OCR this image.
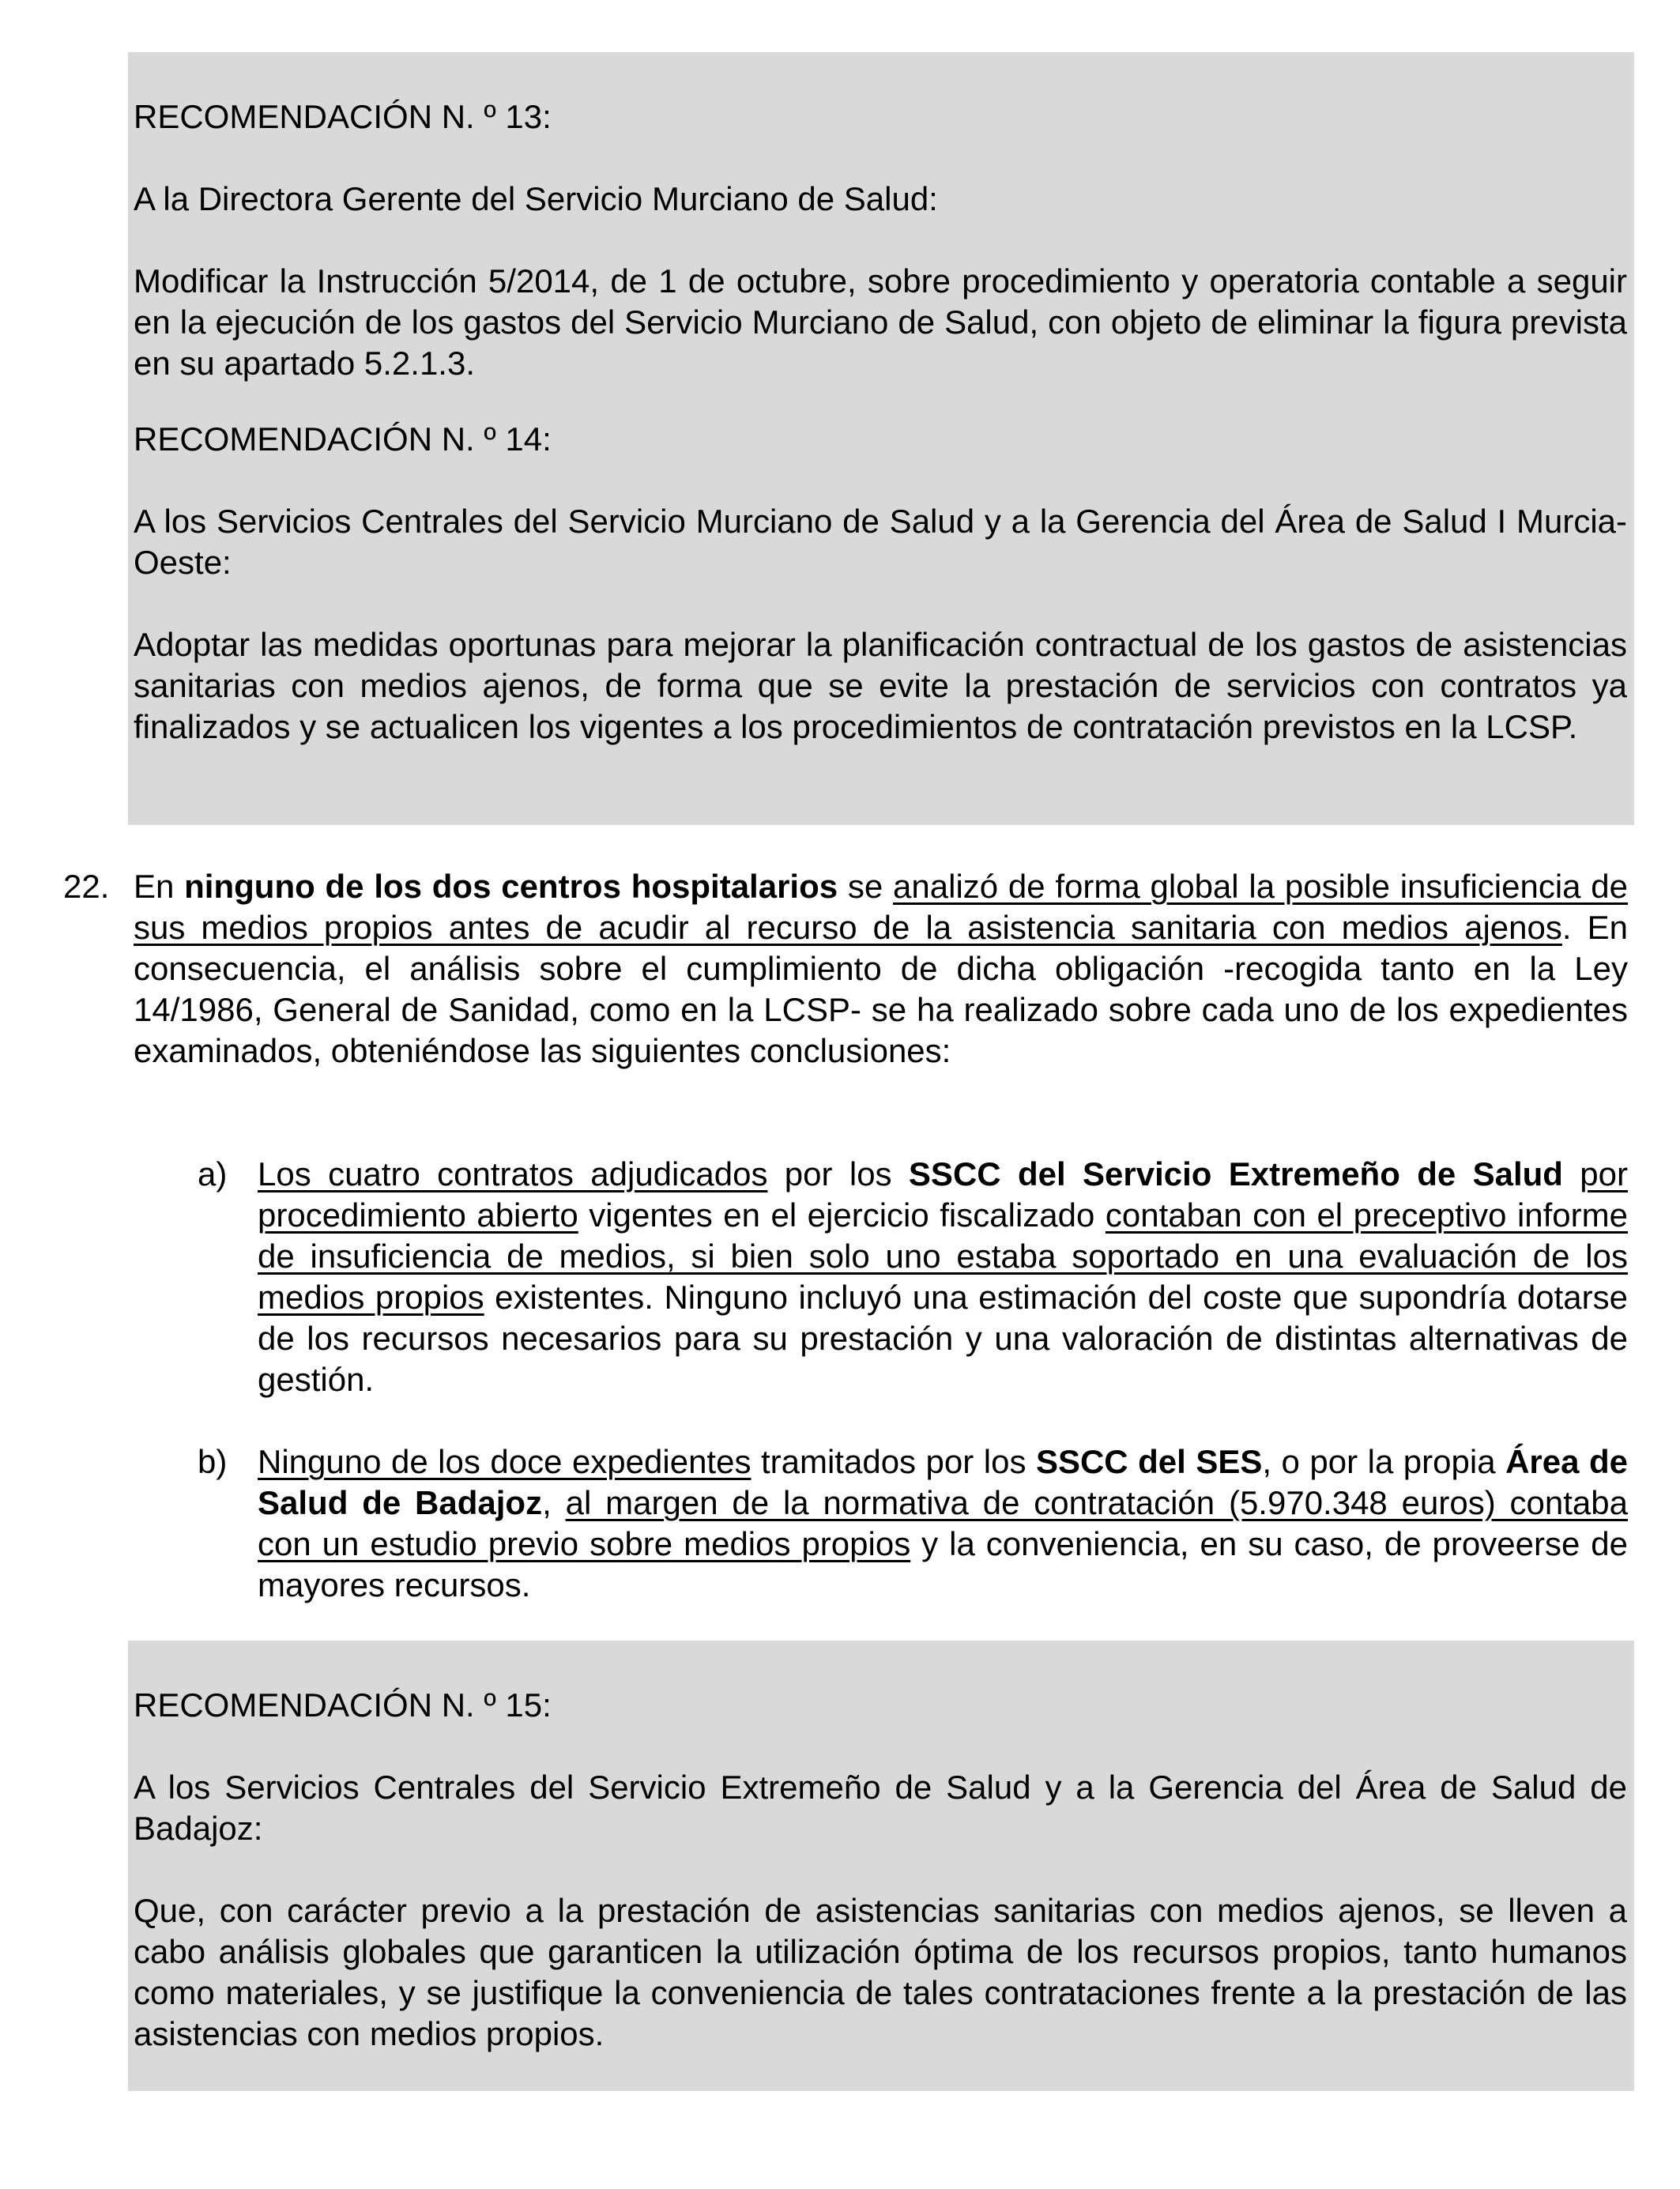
RECOMENDACIÓN N. º 13:

A la Directora Gerente del Servicio Murciano de Salud:

Modificar la Instrucción 5/2014, de 1 de octubre, sobre procedimiento y operatoria contable a seguir en la ejecución de los gastos del Servicio Murciano de Salud, con objeto de eliminar la figura prevista en su apartado 5.2.1.3.

RECOMENDACIÓN N. º 14:

A los Servicios Centrales del Servicio Murciano de Salud y a la Gerencia del Área de Salud I Murcia-Oeste:

Adoptar las medidas oportunas para mejorar la planificación contractual de los gastos de asistencias sanitarias con medios ajenos, de forma que se evite la prestación de servicios con contratos ya finalizados y se actualicen los vigentes a los procedimientos de contratación previstos en la LCSP.

22. En ninguno de los dos centros hospitalarios se analizó de forma global la posible insuficiencia de sus medios propios antes de acudir al recurso de la asistencia sanitaria con medios ajenos. En consecuencia, el análisis sobre el cumplimiento de dicha obligación -recogida tanto en la Ley 14/1986, General de Sanidad, como en la LCSP- se ha realizado sobre cada uno de los expedientes examinados, obteniéndose las siguientes conclusiones:

a) Los cuatro contratos adjudicados por los SSCC del Servicio Extremeño de Salud por procedimiento abierto vigentes en el ejercicio fiscalizado contaban con el preceptivo informe de insuficiencia de medios, si bien solo uno estaba soportado en una evaluación de los medios propios existentes. Ninguno incluyó una estimación del coste que supondría dotarse de los recursos necesarios para su prestación y una valoración de distintas alternativas de gestión.

b) Ninguno de los doce expedientes tramitados por los SSCC del SES, o por la propia Área de Salud de Badajoz, al margen de la normativa de contratación (5.970.348 euros) contaba con un estudio previo sobre medios propios y la conveniencia, en su caso, de proveerse de mayores recursos.

RECOMENDACIÓN N. º 15:

A los Servicios Centrales del Servicio Extremeño de Salud y a la Gerencia del Área de Salud de Badajoz:

Que, con carácter previo a la prestación de asistencias sanitarias con medios ajenos, se lleven a cabo análisis globales que garanticen la utilización óptima de los recursos propios, tanto humanos como materiales, y se justifique la conveniencia de tales contrataciones frente a la prestación de las asistencias con medios propios.
